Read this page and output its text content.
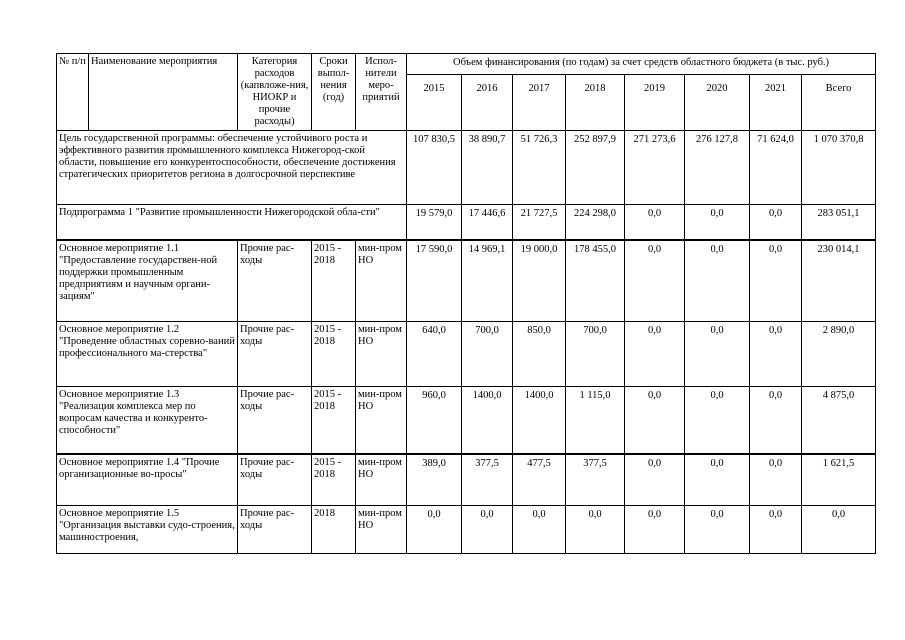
№ п/п	Наименование мероприятия	Категория расходов (капвложе-ния, НИОКР и прочие расходы)	Сроки выпол-нения (год)	Испол-нители меро-приятий	Объем финансирования (по годам) за счет средств областного бюджета (в тыс. руб.)							
					2015	2016	2017	2018	2019	2020	2021	Всего
Цель государственной программы: обеспечение устойчивого роста и эффективного развития промышленного комплекса Нижегород-ской области, повышение его конкурентоспособности, обеспечение достижения стратегических приоритетов региона в долгосрочной перспективе					107 830,5	38 890,7	51 726,3	252 897,9	271 273,6	276 127,8	71 624,0	1 070 370,8
Подпрограмма 1 "Развитие промышленности Нижегородской обла-сти"					19 579,0	17 446,6	21 727,5	224 298,0	0,0	0,0	0,0	283 051,1
Основное мероприятие 1.1 "Предоставление государствен-ной поддержки промышленным предприятиям и научным органи-зациям"		Прочие рас-ходы	2015 - 2018	мин-пром НО	17 590,0	14 969,1	19 000,0	178 455,0	0,0	0,0	0,0	230 014,1
Основное мероприятие 1.2 "Проведение областных соревно-ваний профессионального ма-стерства"		Прочие рас-ходы	2015 - 2018	мин-пром НО	640,0	700,0	850,0	700,0	0,0	0,0	0,0	2 890,0
Основное мероприятие 1.3 "Реализация комплекса мер по вопросам качества и конкуренто-способности"		Прочие рас-ходы	2015 - 2018	мин-пром НО	960,0	1400,0	1400,0	1 115,0	0,0	0,0	0,0	4 875,0
Основное мероприятие 1.4 "Прочие организационные во-просы"		Прочие рас-ходы	2015 - 2018	мин-пром НО	389,0	377,5	477,5	377,5	0,0	0,0	0,0	1 621,5
Основное мероприятие 1.5 "Организация выставки судо-строения, машиностроения,		Прочие рас-ходы	2018	мин-пром НО	0,0	0,0	0,0	0,0	0,0	0,0	0,0	0,0
